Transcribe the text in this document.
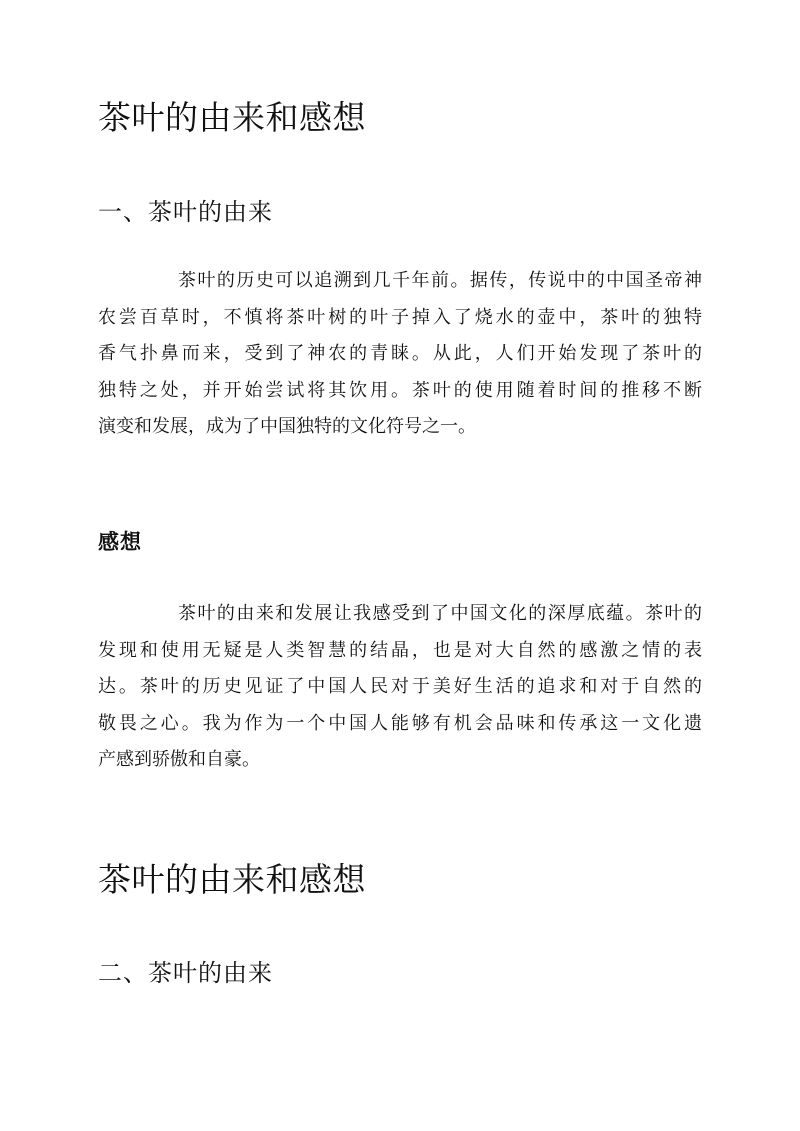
茶叶的由来和感想
一、茶叶的由来
茶叶的历史可以追溯到几千年前。据传，传说中的中国圣帝神
农尝百草时，不慎将茶叶树的叶子掉入了烧水的壶中，茶叶的独特
香气扑鼻而来，受到了神农的青睐。从此，人们开始发现了茶叶的
独特之处，并开始尝试将其饮用。茶叶的使用随着时间的推移不断
演变和发展，成为了中国独特的文化符号之一。
感想
茶叶的由来和发展让我感受到了中国文化的深厚底蕴。茶叶的
发现和使用无疑是人类智慧的结晶，也是对大自然的感激之情的表
达。茶叶的历史见证了中国人民对于美好生活的追求和对于自然的
敬畏之心。我为作为一个中国人能够有机会品味和传承这一文化遗
产感到骄傲和自豪。
茶叶的由来和感想
二、茶叶的由来
